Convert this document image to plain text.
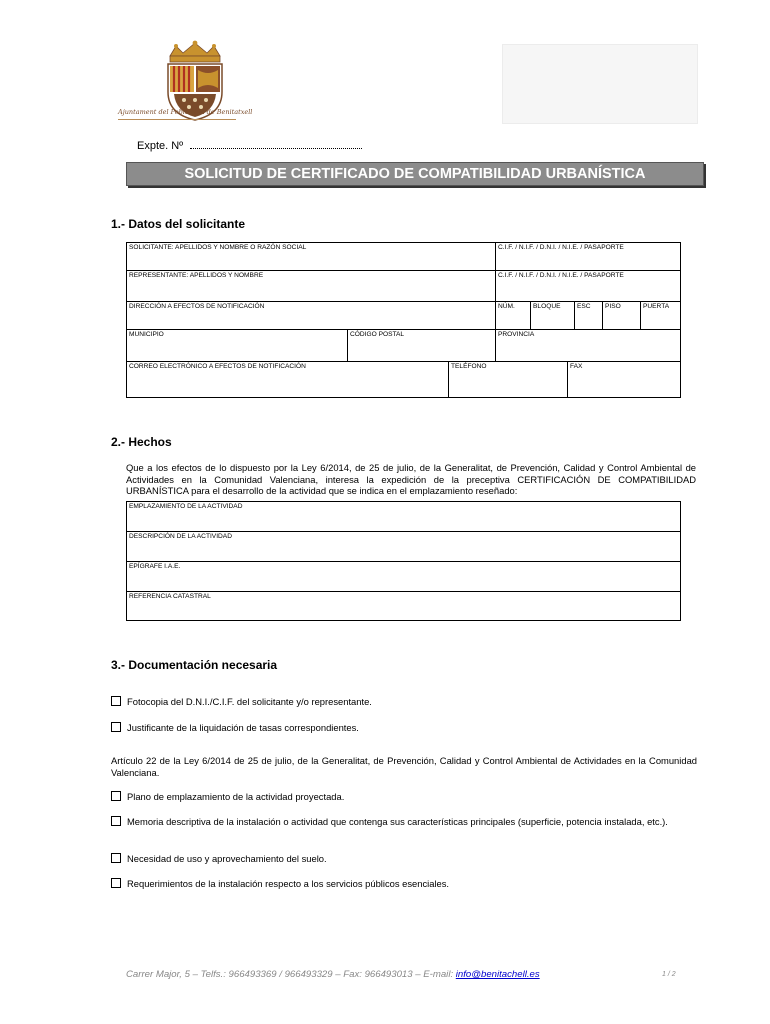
Ajuntament del Poble Nou de Benitatxell
Expte. Nº
SOLICITUD DE CERTIFICADO DE COMPATIBILIDAD URBANÍSTICA
1.- Datos del solicitante
SOLICITANTE: APELLIDOS Y NOMBRE O RAZÓN SOCIAL	C.I.F. / N.I.F. / D.N.I. / N.I.E. / PASAPORTE
REPRESENTANTE: APELLIDOS Y NOMBRE	C.I.F. / N.I.F. / D.N.I. / N.I.E. / PASAPORTE
DIRECCIÓN A EFECTOS DE NOTIFICACIÓN	NÚM.	BLOQUE	ESC	PISO	PUERTA
MUNICIPIO	CÓDIGO POSTAL	PROVINCIA
CORREO ELECTRÓNICO A EFECTOS DE NOTIFICACIÓN	TELÉFONO	FAX
2.- Hechos
Que a los efectos de lo dispuesto por la Ley 6/2014, de 25 de julio, de la Generalitat, de Prevención, Calidad y Control Ambiental de Actividades en la Comunidad Valenciana, interesa la expedición de la preceptiva CERTIFICACIÓN DE COMPATIBILIDAD URBANÍSTICA para el desarrollo de la actividad que se indica en el emplazamiento reseñado:
EMPLAZAMIENTO DE LA ACTIVIDAD
DESCRIPCIÓN DE LA ACTIVIDAD
EPÍGRAFE I.A.E.
REFERENCIA CATASTRAL
3.- Documentación necesaria
Fotocopia del D.N.I./C.I.F. del solicitante y/o representante.
Justificante de la liquidación de tasas correspondientes.
Artículo 22 de la Ley 6/2014 de 25 de julio, de la Generalitat, de Prevención, Calidad y Control Ambiental de Actividades en la Comunidad Valenciana.
Plano de emplazamiento de la actividad proyectada.
Memoria descriptiva de la instalación o actividad que contenga sus características principales (superficie, potencia instalada, etc.).
Necesidad de uso y aprovechamiento del suelo.
Requerimientos de la instalación respecto a los servicios públicos esenciales.
Carrer Major, 5 – Telfs.: 966493369 / 966493329 – Fax: 966493013 – E-mail: info@benitachell.es	1 / 2
